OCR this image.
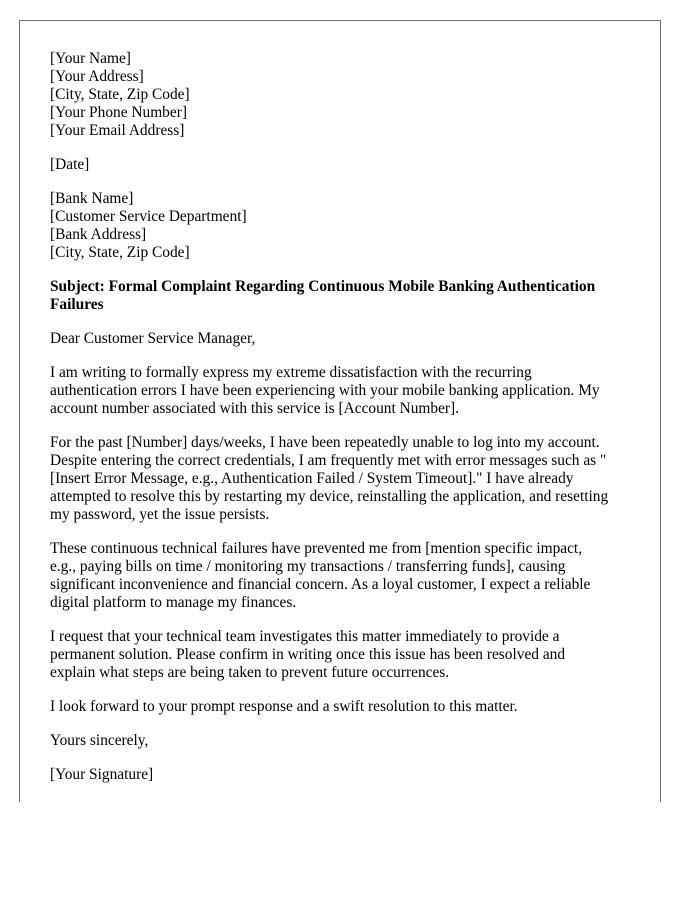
[Your Name]
[Your Address]
[City, State, Zip Code]
[Your Phone Number]
[Your Email Address]
[Date]
[Bank Name]
[Customer Service Department]
[Bank Address]
[City, State, Zip Code]
Subject: Formal Complaint Regarding Continuous Mobile Banking Authentication
Failures
Dear Customer Service Manager,

I am writing to formally express my extreme dissatisfaction with the recurring
authentication errors I have been experiencing with your mobile banking application. My
account number associated with this service is [Account Number].

For the past [Number] days/weeks, I have been repeatedly unable to log into my account.
Despite entering the correct credentials, I am frequently met with error messages such as "
[Insert Error Message, e.g., Authentication Failed / System Timeout]." I have already
attempted to resolve this by restarting my device, reinstalling the application, and resetting
my password, yet the issue persists.

These continuous technical failures have prevented me from [mention specific impact,
e.g., paying bills on time / monitoring my transactions / transferring funds], causing
significant inconvenience and financial concern. As a loyal customer, I expect a reliable
digital platform to manage my finances.

I request that your technical team investigates this matter immediately to provide a
permanent solution. Please confirm in writing once this issue has been resolved and
explain what steps are being taken to prevent future occurrences.

I look forward to your prompt response and a swift resolution to this matter.

Yours sincerely,
[Your Signature]
